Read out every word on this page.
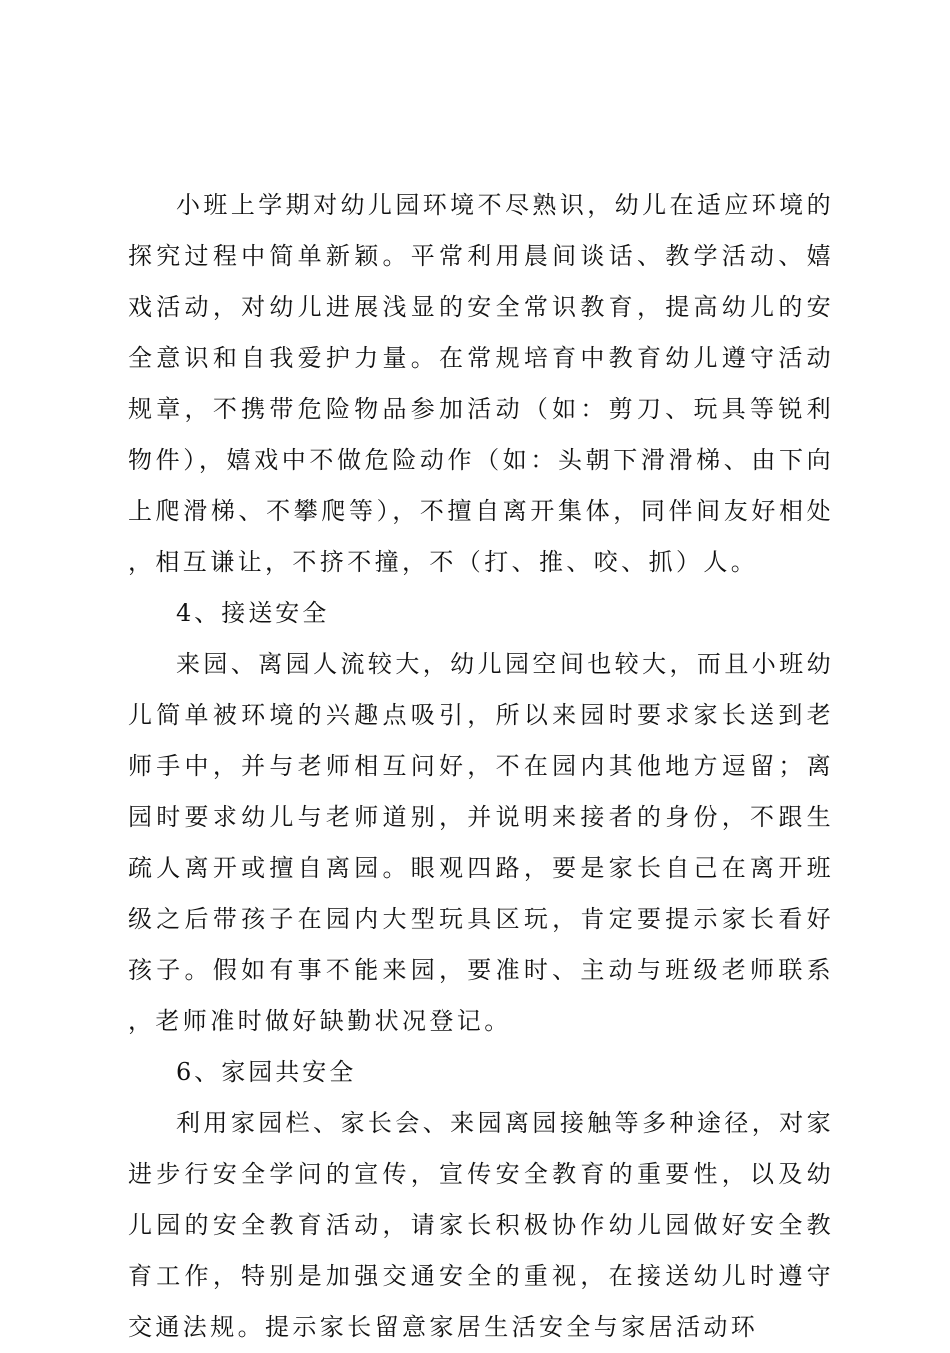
小班上学期对幼儿园环境不尽熟识，幼儿在适应环境的探究过程中简单新颖。平常利用晨间谈话、教学活动、嬉戏活动，对幼儿进展浅显的安全常识教育，提高幼儿的安全意识和自我爱护力量。在常规培育中教育幼儿遵守活动规章，不携带危险物品参加活动（如：剪刀、玩具等锐利物件），嬉戏中不做危险动作（如：头朝下滑滑梯、由下向上爬滑梯、不攀爬等），不擅自离开集体，同伴间友好相处，相互谦让，不挤不撞，不（打、推、咬、抓）人。

4、接送安全

来园、离园人流较大，幼儿园空间也较大，而且小班幼儿简单被环境的兴趣点吸引，所以来园时要求家长送到老师手中，并与老师相互问好，不在园内其他地方逗留；离园时要求幼儿与老师道别，并说明来接者的身份，不跟生疏人离开或擅自离园。眼观四路，要是家长自己在离开班级之后带孩子在园内大型玩具区玩，肯定要提示家长看好孩子。假如有事不能来园，要准时、主动与班级老师联系，老师准时做好缺勤状况登记。

6、家园共安全

利用家园栏、家长会、来园离园接触等多种途径，对家进步行安全学问的宣传，宣传安全教育的重要性，以及幼儿园的安全教育活动，请家长积极协作幼儿园做好安全教育工作，特别是加强交通安全的重视，在接送幼儿时遵守交通法规。提示家长留意家居生活安全与家居活动环
